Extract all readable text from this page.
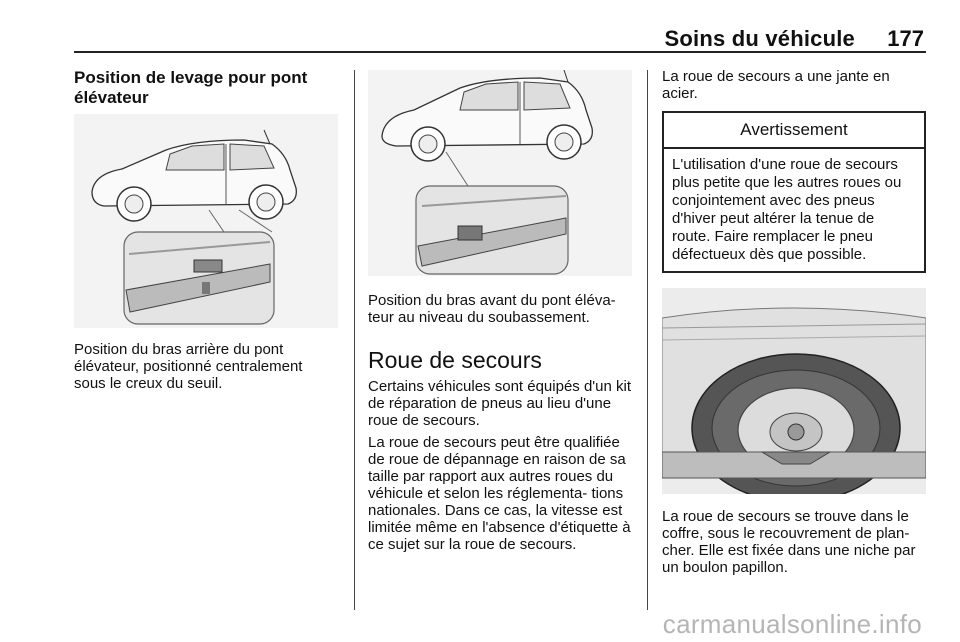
Soins du véhicule 177
Position de levage pour pont élévateur
Position du bras arrière du pont élévateur, positionné centralement sous le creux du seuil.
Position du bras avant du pont éléva- teur au niveau du soubassement.
Roue de secours
Certains véhicules sont équipés d'un kit de réparation de pneus au lieu d'une roue de secours.
La roue de secours peut être qualifiée de roue de dépannage en raison de sa taille par rapport aux autres roues du véhicule et selon les réglementa- tions nationales. Dans ce cas, la vitesse est limitée même en l'absence d'étiquette à ce sujet sur la roue de secours.
La roue de secours a une jante en acier.
Avertissement
L'utilisation d'une roue de secours plus petite que les autres roues ou conjointement avec des pneus d'hiver peut altérer la tenue de route. Faire remplacer le pneu défectueux dès que possible.
La roue de secours se trouve dans le coffre, sous le recouvrement de plan- cher. Elle est fixée dans une niche par un boulon papillon.
carmanualsonline.info
